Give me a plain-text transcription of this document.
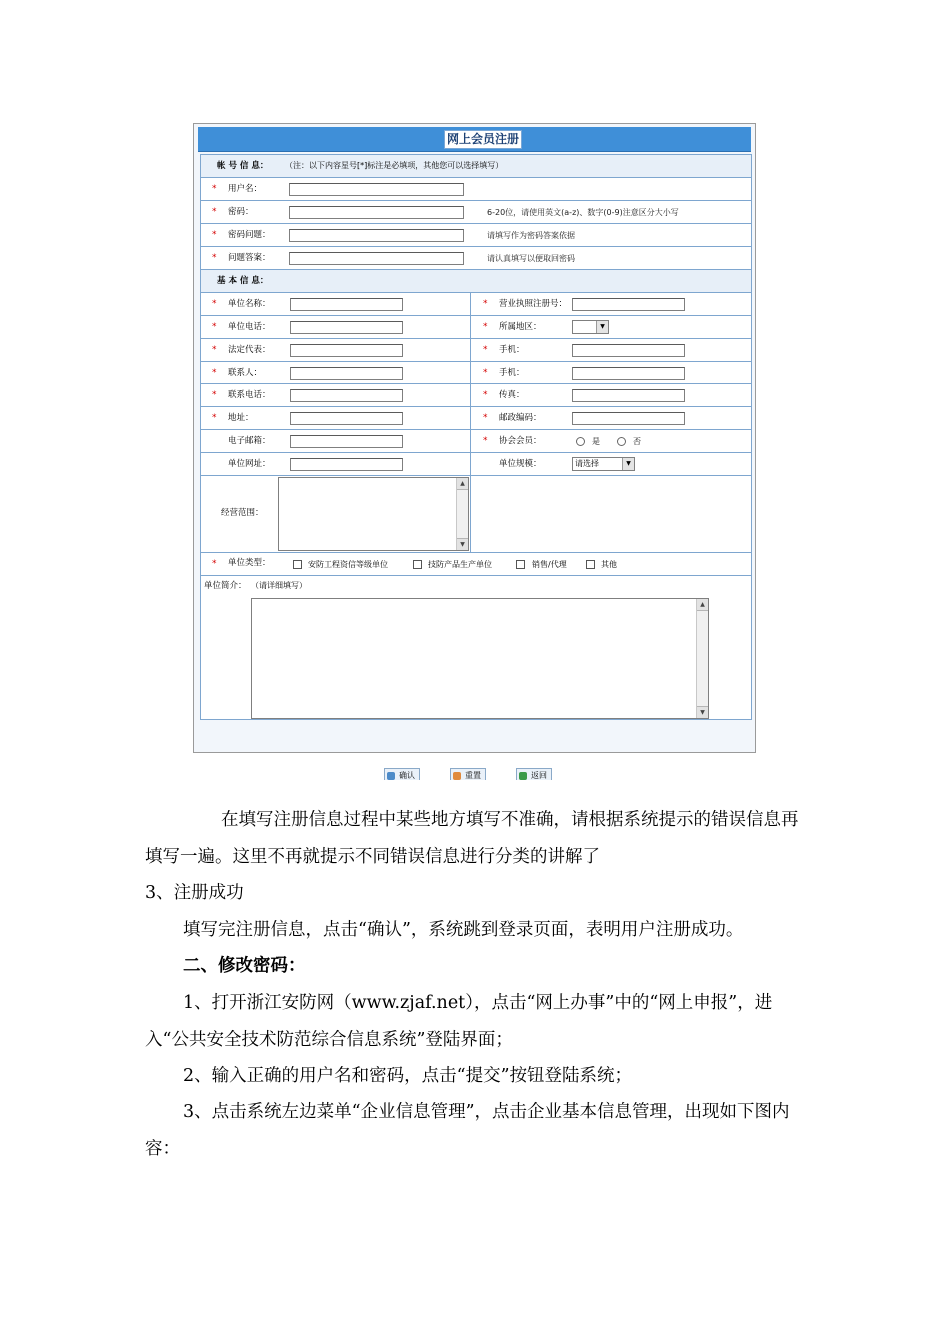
网上会员注册
帐 号 信 息： （注：以下内容星号[*]标注是必填项，其他您可以选择填写）
* 用户名：
* 密码：	6-20位，请使用英文(a-z)、数字(0-9)注意区分大小写
* 密码问题：	请填写作为密码答案依据
* 问题答案：	请认真填写以便取回密码
基 本 信 息：
* 单位名称：	* 营业执照注册号：
* 单位电话：	* 所属地区：	▼
* 法定代表：	* 手机：
* 联系人：	* 手机：
* 联系电话：	* 传真：
* 地址：	* 邮政编码：
电子邮箱：	* 协会会员：	是	否
单位网址：	单位规模：	请选择	▼
经营范围：
▲
▼
* 单位类型：	安防工程资信等级单位	技防产品生产单位	销售/代理	其他
单位简介： （请详细填写）
▲
▼
确认	重置	返回
在填写注册信息过程中某些地方填写不准确，请根据系统提示的错误信息再填写一遍。这里不再就提示不同错误信息进行分类的讲解了
3、注册成功
填写完注册信息，点击“确认”，系统跳到登录页面，表明用户注册成功。
二、修改密码：
1、打开浙江安防网（www.zjaf.net），点击“网上办事”中的“网上申报”，进入“公共安全技术防范综合信息系统”登陆界面；
2、输入正确的用户名和密码，点击“提交”按钮登陆系统；
3、点击系统左边菜单“企业信息管理”，点击企业基本信息管理，出现如下图内容：
